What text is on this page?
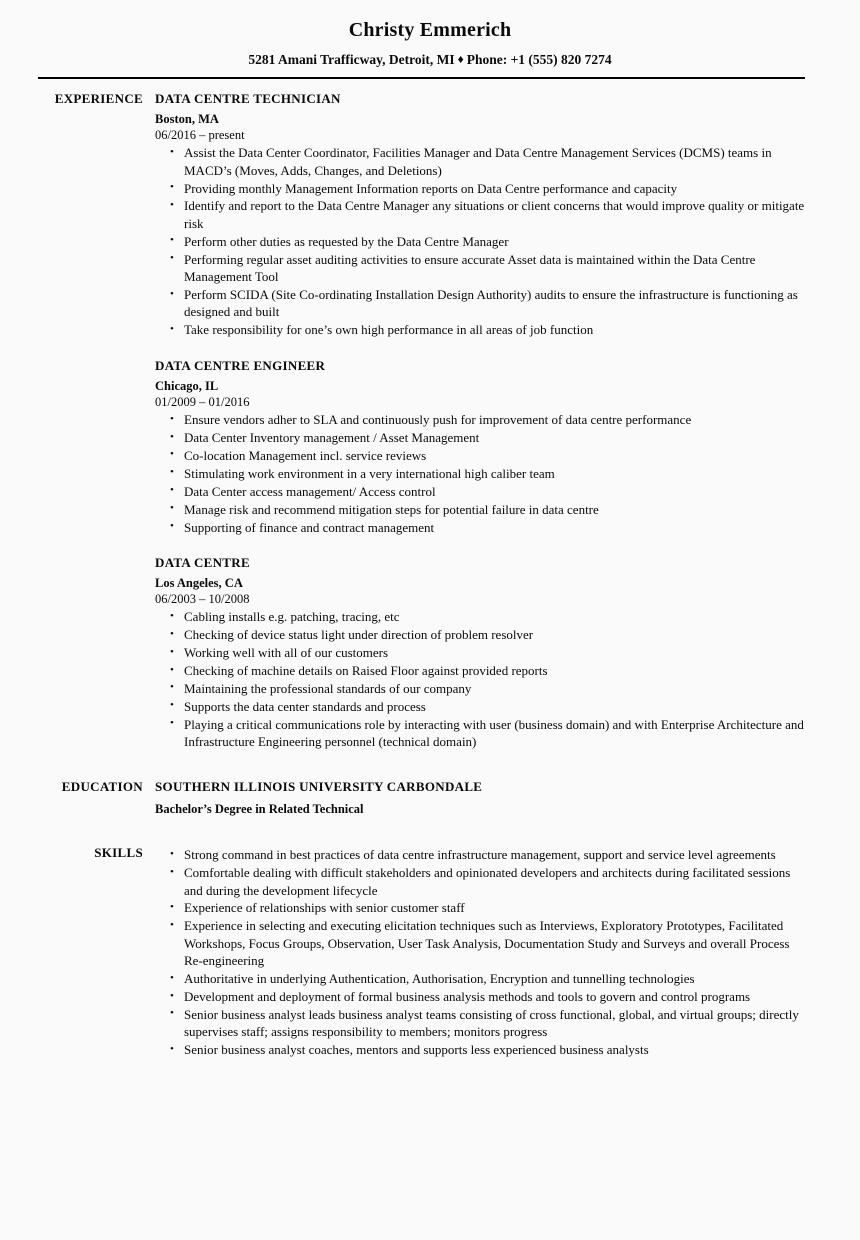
Christy Emmerich
5281 Amani Trafficway, Detroit, MI ♦ Phone: +1 (555) 820 7274
EXPERIENCE DATA CENTRE TECHNICIAN
Boston, MA
06/2016 – present
• Assist the Data Center Coordinator, Facilities Manager and Data Centre Management Services (DCMS) teams in MACD’s (Moves, Adds, Changes, and Deletions)
• Providing monthly Management Information reports on Data Centre performance and capacity
• Identify and report to the Data Centre Manager any situations or client concerns that would improve quality or mitigate risk
• Perform other duties as requested by the Data Centre Manager
• Performing regular asset auditing activities to ensure accurate Asset data is maintained within the Data Centre Management Tool
• Perform SCIDA (Site Co-ordinating Installation Design Authority) audits to ensure the infrastructure is functioning as designed and built
• Take responsibility for one’s own high performance in all areas of job function
DATA CENTRE ENGINEER
Chicago, IL
01/2009 – 01/2016
• Ensure vendors adher to SLA and continuously push for improvement of data centre performance
• Data Center Inventory management / Asset Management
• Co-location Management incl. service reviews
• Stimulating work environment in a very international high caliber team
• Data Center access management/ Access control
• Manage risk and recommend mitigation steps for potential failure in data centre
• Supporting of finance and contract management
DATA CENTRE
Los Angeles, CA
06/2003 – 10/2008
• Cabling installs e.g. patching, tracing, etc
• Checking of device status light under direction of problem resolver
• Working well with all of our customers
• Checking of machine details on Raised Floor against provided reports
• Maintaining the professional standards of our company
• Supports the data center standards and process
• Playing a critical communications role by interacting with user (business domain) and with Enterprise Architecture and Infrastructure Engineering personnel (technical domain)
EDUCATION SOUTHERN ILLINOIS UNIVERSITY CARBONDALE
Bachelor’s Degree in Related Technical
SKILLS	• Strong command in best practices of data centre infrastructure management, support and service level agreements
• Comfortable dealing with difficult stakeholders and opinionated developers and architects during facilitated sessions and during the development lifecycle
• Experience of relationships with senior customer staff
• Experience in selecting and executing elicitation techniques such as Interviews, Exploratory Prototypes, Facilitated Workshops, Focus Groups, Observation, User Task Analysis, Documentation Study and Surveys and overall Process Re-engineering
• Authoritative in underlying Authentication, Authorisation, Encryption and tunnelling technologies
• Development and deployment of formal business analysis methods and tools to govern and control programs
• Senior business analyst leads business analyst teams consisting of cross functional, global, and virtual groups; directly supervises staff; assigns responsibility to members; monitors progress
• Senior business analyst coaches, mentors and supports less experienced business analysts
